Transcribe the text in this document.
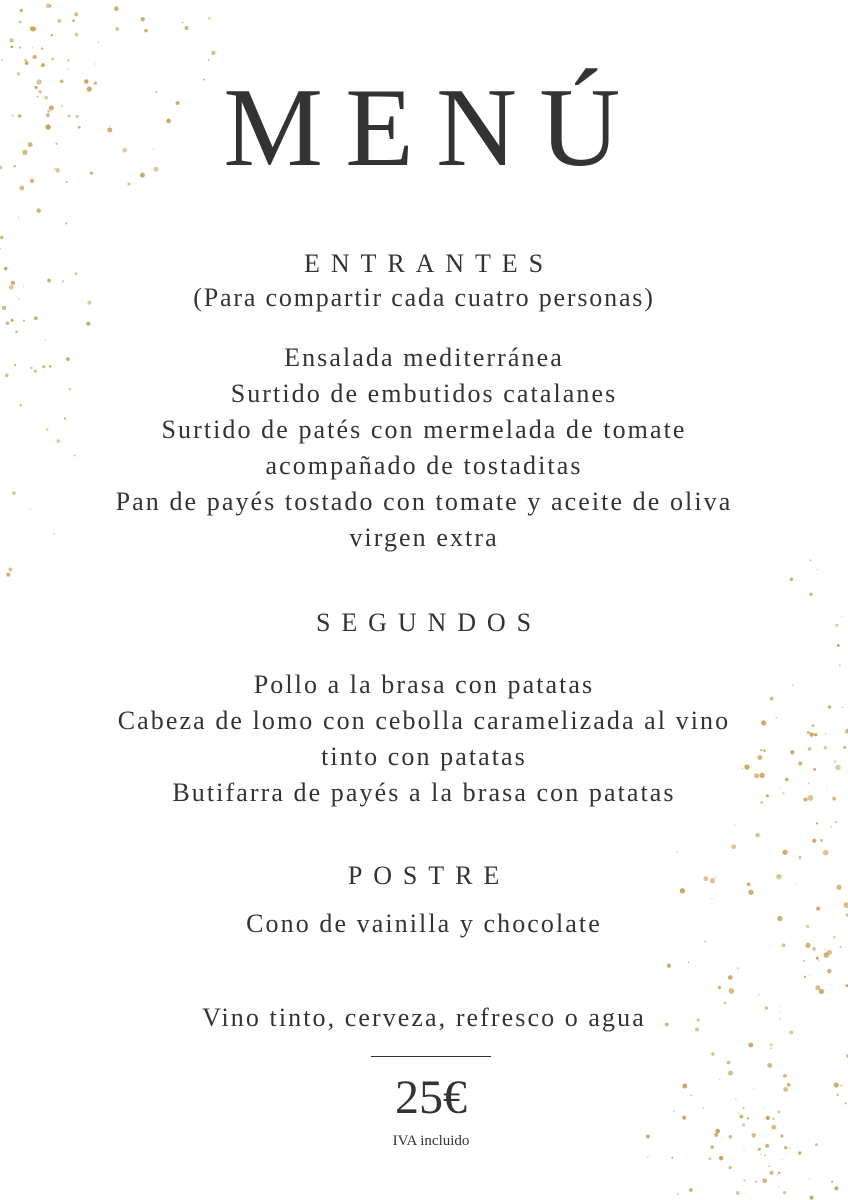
MENÚ
ENTRANTES
(Para compartir cada cuatro personas)
Ensalada mediterránea
Surtido de embutidos catalanes
Surtido de patés con mermelada de tomate
acompañado de tostaditas
Pan de payés tostado con tomate y aceite de oliva
virgen extra
SEGUNDOS
Pollo a la brasa con patatas
Cabeza de lomo con cebolla caramelizada al vino
tinto con patatas
Butifarra de payés a la brasa con patatas
POSTRE
Cono de vainilla y chocolate
Vino tinto, cerveza, refresco o agua
25€
IVA incluido
